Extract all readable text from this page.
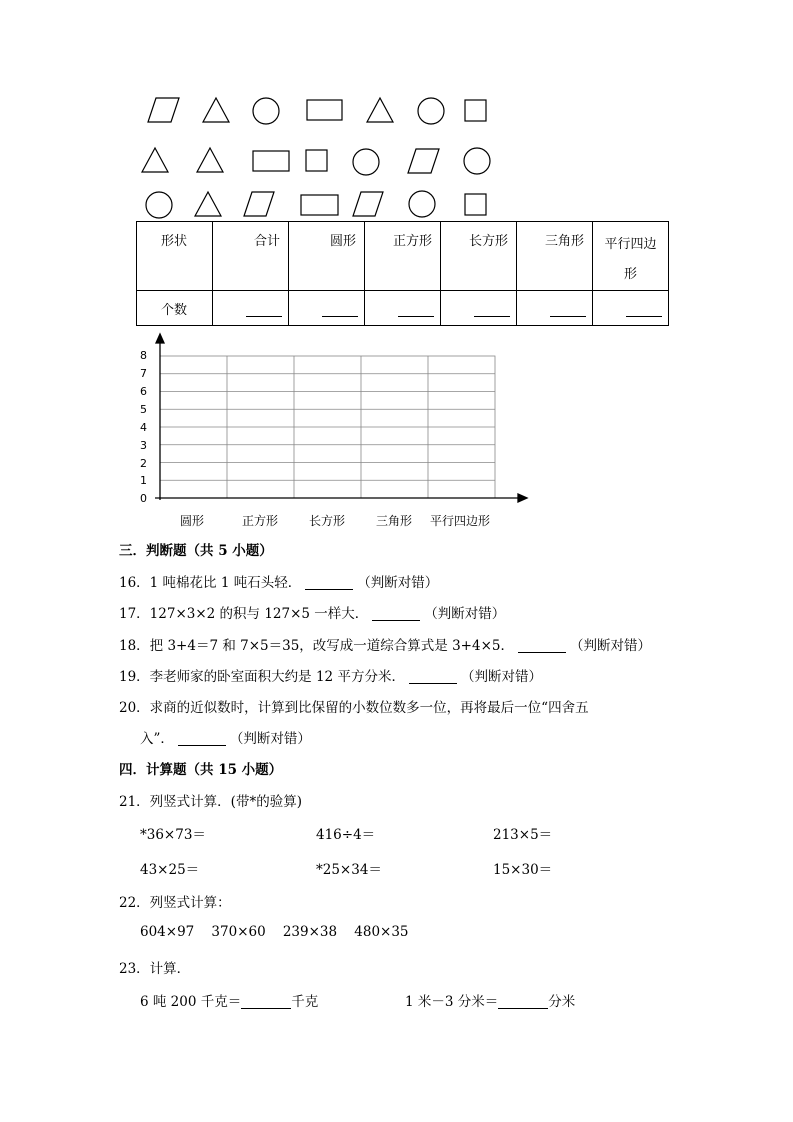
形状	合计	圆形	正方形	长方形	三角形	平行四边
形

个数						

8
7
6
5
4
3
2
1
0
圆形	正方形	长方形	三角形 平行四边形
三．判断题（共 5 小题）
16．1 吨棉花比 1 吨石头轻．	（判断对错）
17．127×3×2 的积与 127×5 一样大．	（判断对错）
18．把 3+4＝7 和 7×5＝35，改写成一道综合算式是 3+4×5．	（判断对错）
19．李老师家的卧室面积大约是 12 平方分米．	（判断对错）
20．求商的近似数时，计算到比保留的小数位数多一位，再将最后一位“四舍五
入”．	（判断对错）
四．计算题（共 15 小题）
21．列竖式计算．(带*的验算)
*36×73＝	416÷4＝	213×5＝
43×25＝	*25×34＝	15×30＝
22．列竖式计算：
604×97    370×60    239×38    480×35
23．计算．
6 吨 200 千克＝	千克	1 米－3 分米＝	分米
